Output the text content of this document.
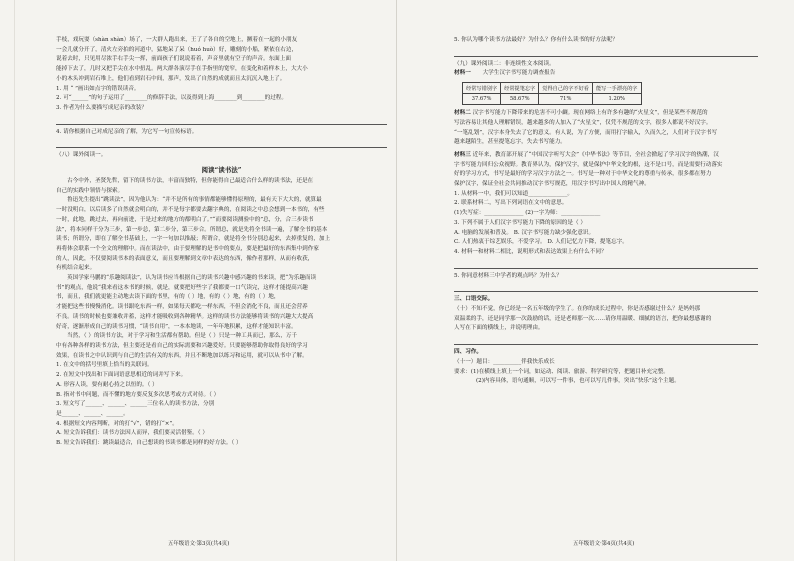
手枝，戏玩耍（shàn shàn）场了，一大群人跑出来，王了了各自的空地上，撅着在一起的小朋友
一会儿就分开了，清火左旁拍的河道中，猛地呆了呆（huó huò）好，雕刻的小船，紧依在右边，
说着去时，只见用尽浓手右手尖一挥，前面孩子们说说着着，声音里就有空子的声音。东面上面
能掉下去了，几时又把手尖在水中扭乱。两大群各演尽手在手指里的宽窄，在变化和着样本上，大大小
小的木头冲到岩石堆上，他们看到岩石中间，那声，发出了自然的成就而且太沉沉入地上了。
1. 用 “ ”画出如点字的错误读音。
2. 可“______”的句子运用了________的修辞手法，以及得到上海________到________的过程。
3. 作者为什么要描写成尼亲的改装？
4. 请你根据自己对成尼亲的了解，为它写一句宣传标语。
（八）课外阅读一。
阅读“读书法”
古今中外，圣贤先哲，留下的读书方法，丰富而独特，但你能得自己最适合什么样的读书法，还是在
自己的实践中领悟与探索。
鲁迅先生提出“跳读法”，因为他认为：“并不是所有的事情都能够懂得原理的，最有天下大大的，就算最
一时没明白，以后读多了自然就会明白的，并不是每字都要去翻字典的，在阅读之中总会想到一本书的，有些
一时，此地，跳过去，再向前进，于是过来的地方的都明白了。”“而要阅读测验中的”总，分，合三步读书
法”，将本问样干分为三步，第一步总，第二步分，第三步合。所谓总，就是先将全书读一遍，了解全书的基本
读书；所谓分，即在了解全书基础上，一字一句加以推敲；所谓合，就是将全书分别总起来，去掉重复的，加上
再将体会联系一个全文的理解中。而在读法中，由于要理解的是书中的要点，要是把最好的东西集中到作家
的人，因此，不仅要阅读书本的表面意义，而且要理解到文章中表达的东西，像作者那样，从而有收获，
有机结合起来。
英国学家马鹏的“乐趣阅读法”，认为读书应当根据自己的读书兴趣中感兴趣的书来读，把“为乐趣而读
书”的观点，他说“我来看这本书的时候，就是，就要把好些字了我都要一口气读完，这样才能提高兴趣
书，而且，我们就更能主动地去读下面的书里，有的（ ）地，有的（ ）地，有的（ ）地，
才能把这些书慢慢消化。读书跟吃东西一样，如果每天都吃一样东西，不但会消化不良，而且还会营养
不良。读书的时候也要兼收并蓄，这样才能吸收到各种精华。这样的读书方法能够将读书的兴趣大大提高
好奇，逐渐形成自己的读书习惯，“读书自用”，一本本地读，一年年地积累，这样才能知识丰富。
当然，（ ）的读书方法，对于学习和生活都有帮助。但是（ ）只是一种工具而已，那么，万千
中有各种各样的读书方法，但主要还是看自己的实际需要和兴趣爱好。只要能够帮助你取得良好的学习
效果，在读书之中认识到与自己的生活有关的东西，并且不断地加以练习和运用，就可以从书中了解。
1. 在文中的括号里填上恰当的关联词。
2. 在短文中找出和下面词语意思相近的词并写下来。
A. 形容人读，要有耐心持之以恒的。（ ）
B. 指对书中问题，而不懂的地方要反复多次思考或方式对待。（ ）
3. 短文写了______、______、______三位名人的读书方法，分别
是______、______、______。
4. 根据短文内容判断，对的打“√”，错的打“×”。
A. 短文告诉我们：读书方法因人而异，我们要灵活借鉴。（ ）
B. 短文告诉我们：跳读最适合，自己想读的书读书都是同样的好方法。（ ）
五年级语文·第3页(共4页)
5. 你认为哪个读书方法最好？为什么？你有什么读书的好方法呢？
（九）课外阅读二：非连续性文本阅读。
材料一 大学生汉字书写能力调查报告
经常写错别字	经常提笔忘字	觉得自己的字不好看	能写一手漂亮的字
37.67%	58.67%	71%	1.20%
材料二 汉字书写能力下降带来的危害不可小觑。现在网络上有许多有趣的“火星文”，但是某些不规范的
写法容易让其他人理解错误，越来越多的人加入了“火星文”，仅凭不规范的文字，很多人都说不好汉字。
“一笔乱划”，汉字本身失去了它的意义。有人说，为了方便，而用打字输入，久而久之，人们对于汉字书写
越来越陌生，甚至提笔忘字，失去书写能力。
材料三 近年来，教育部开展了“中国汉字听写大会”《中华书法》等节目，全社会掀起了学习汉字的热潮，汉
字书写能力回归公众视野。教育界认为，保护汉字，就是保护中华文化的根，这不是口号，而是需要行动落实
好的学习方式，书写是最好的学习汉字方法之一。书写是一种对于中华文化的尊重与传承，很多都在努力
保护汉字，保证全社会共同推动汉字书写规范，用汉字书写出中国人的精气神。
1. 从材料一中，我们可以知道______________。
2. 联系材料二，写出下列词语在文中的意思。
(1)失写症：______________ (2)一字为师：______________
3. 下列不属于人们汉字书写能力下降的原因的是（ ）
A. 电脑的发展和普及。 B. 汉字书写能力缺少强化意识。
C. 人们热衷于综艺娱乐，不爱学习。 D. 人们记忆力下降，提笔忘字。
4. 材料一和材料二相比，说明形式和表达效果上有什么不同？
5. 你同意材料三中学者的观点吗？为什么？
三、口语交际。
（十）不知不觉，你已经是一名五年级的学生了。在你的成长过程中，你是否感谢过什么？是妈妈那
双温柔的手，还是同学那一次鼓励的话，还是老师那一次……请你用温暖、细腻的语言，把你最想感谢的
人写在下面的横线上，并说明理由。
四、习作。
（十一）题目：__________伴我快乐成长
要求：(1)在横线上填上一个词，如运动、阅读、旅游、科学研究等，把题目补充完整。
(2)内容具体，语句通顺，可以写一件事，也可以写几件事，突出“快乐”这个主题。
五年级语文·第4页(共4页)
